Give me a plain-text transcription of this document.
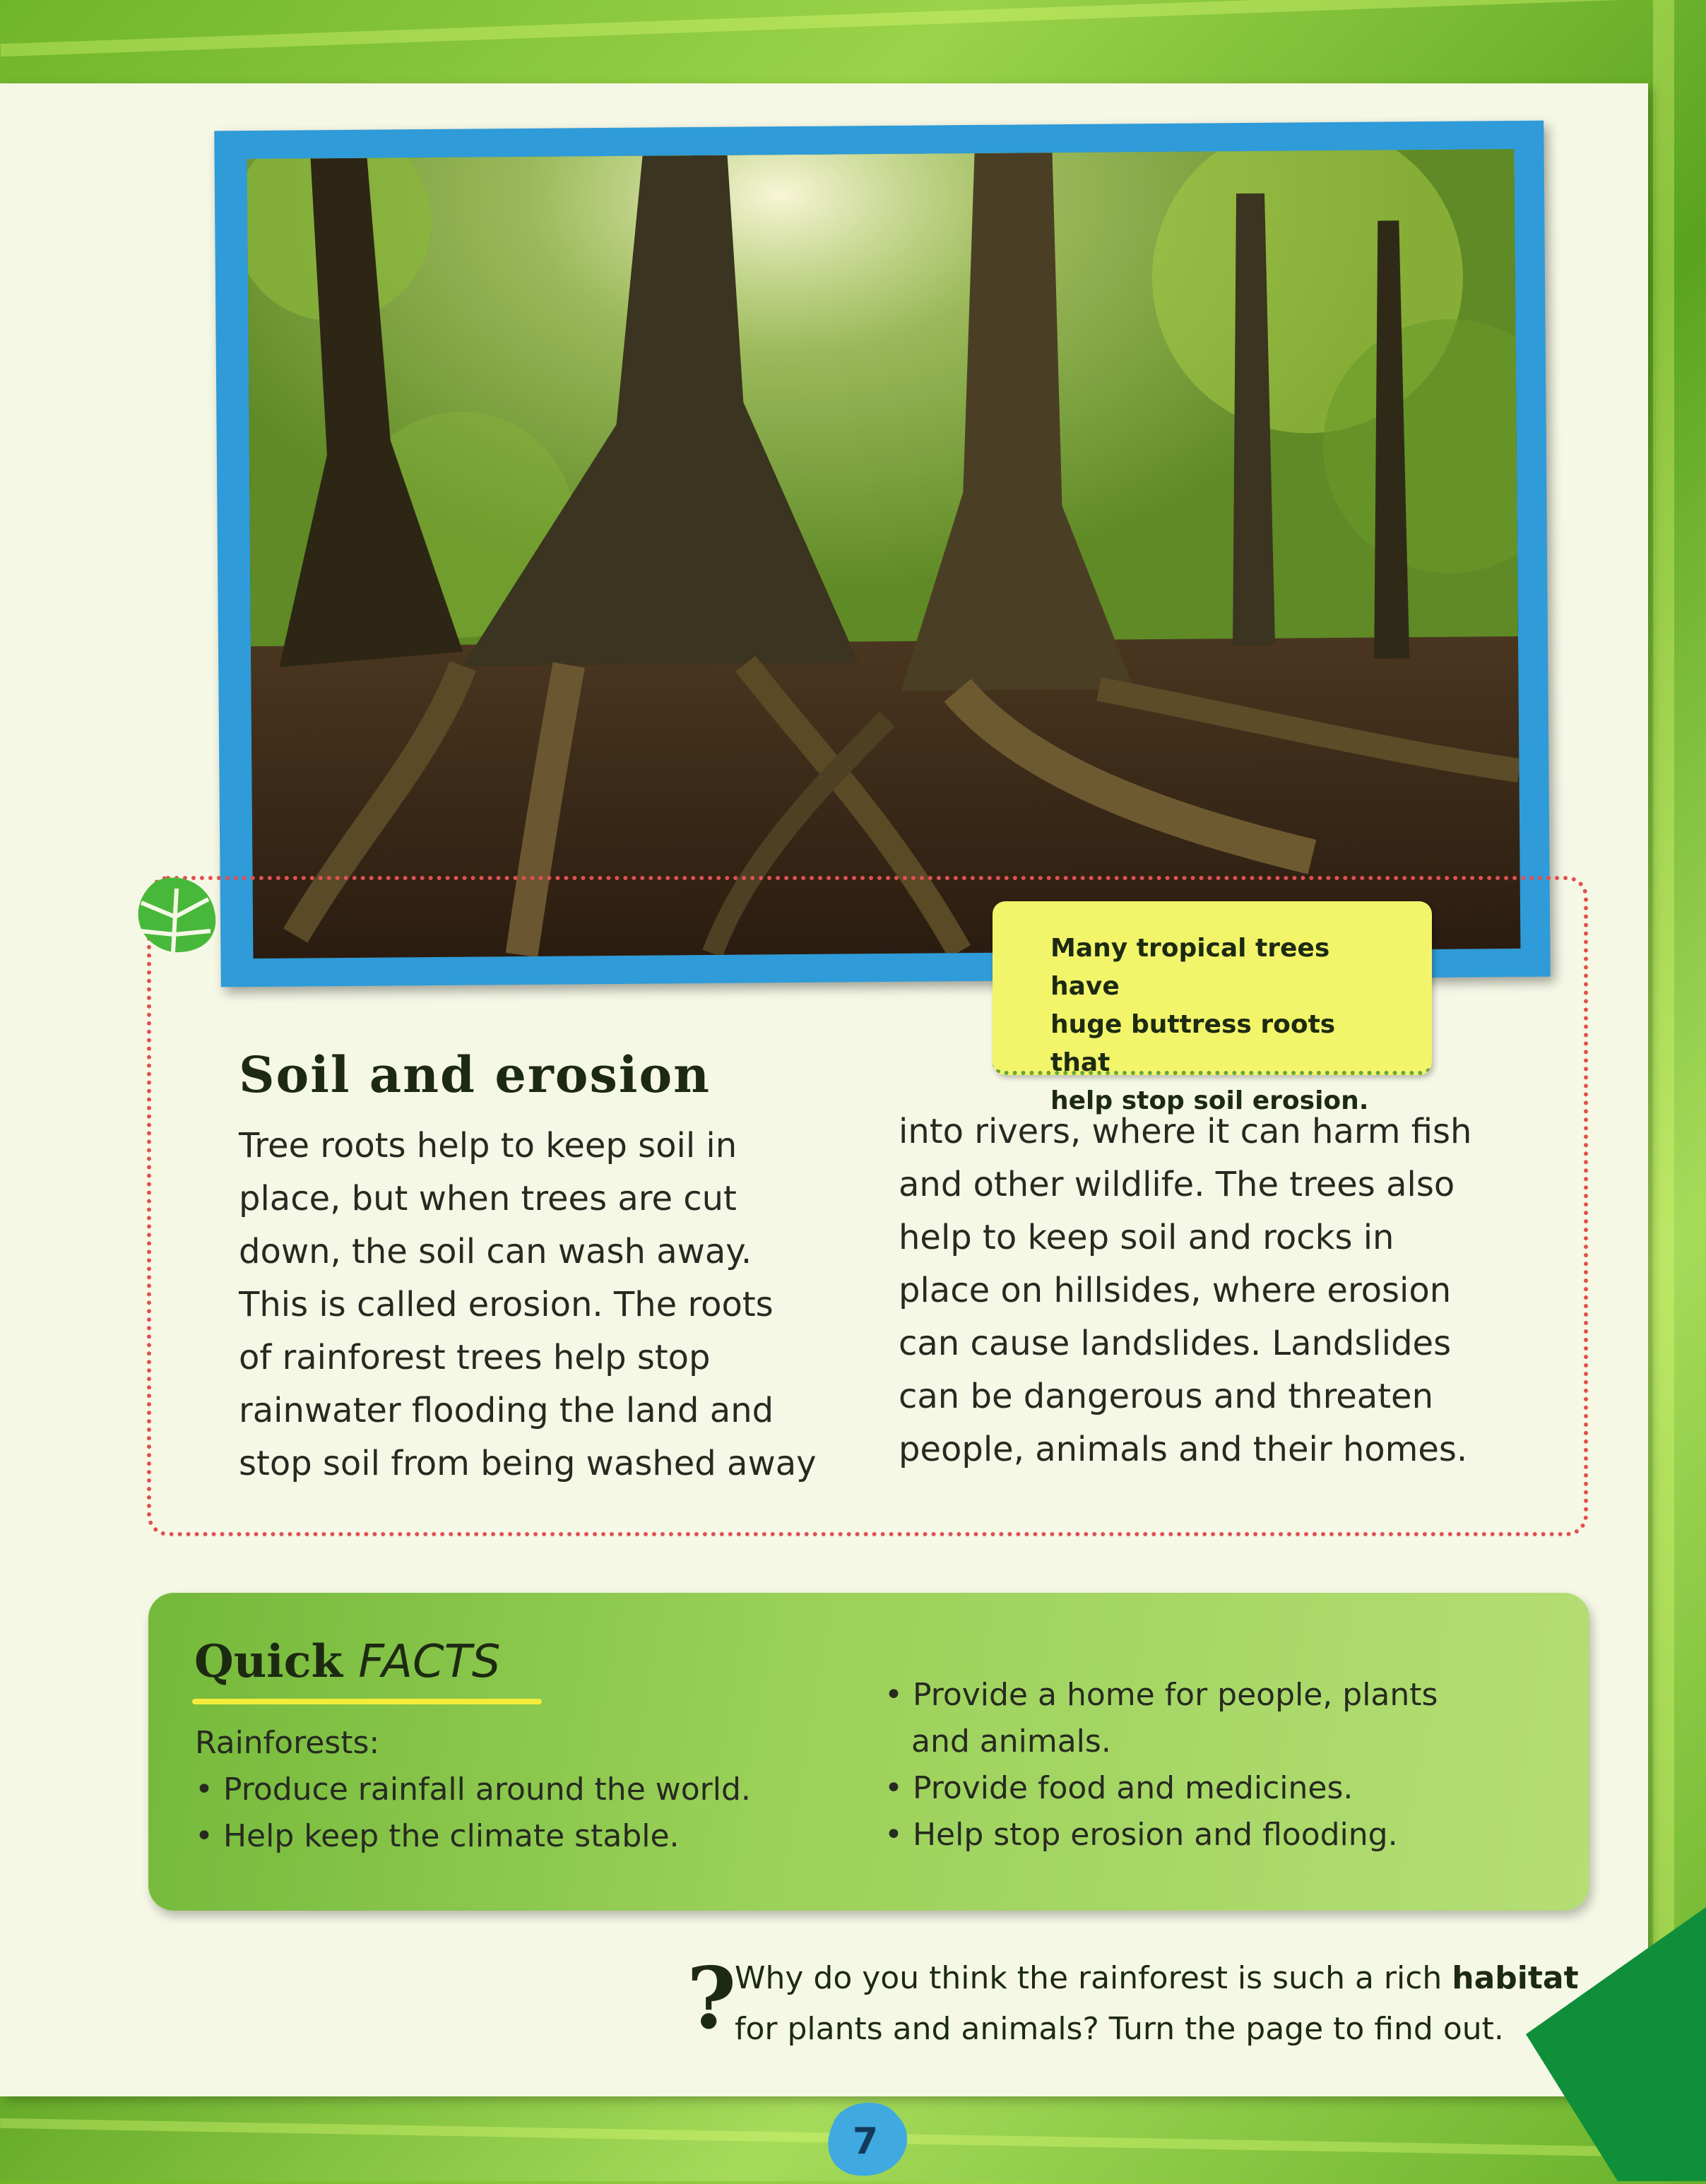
Many tropical trees have
huge buttress roots that
help stop soil erosion.
Soil and erosion
Tree roots help to keep soil in
place, but when trees are cut
down, the soil can wash away.
This is called erosion. The roots
of rainforest trees help stop
rainwater flooding the land and
stop soil from being washed away
into rivers, where it can harm fish
and other wildlife. The trees also
help to keep soil and rocks in
place on hillsides, where erosion
can cause landslides. Landslides
can be dangerous and threaten
people, animals and their homes.
Quick FACTS
Rainforests:
• Produce rainfall around the world.
• Help keep the climate stable.
• Provide a home for people, plants and animals.
• Provide food and medicines.
• Help stop erosion and flooding.
?
Why do you think the rainforest is such a rich habitat
for plants and animals? Turn the page to find out.
7
